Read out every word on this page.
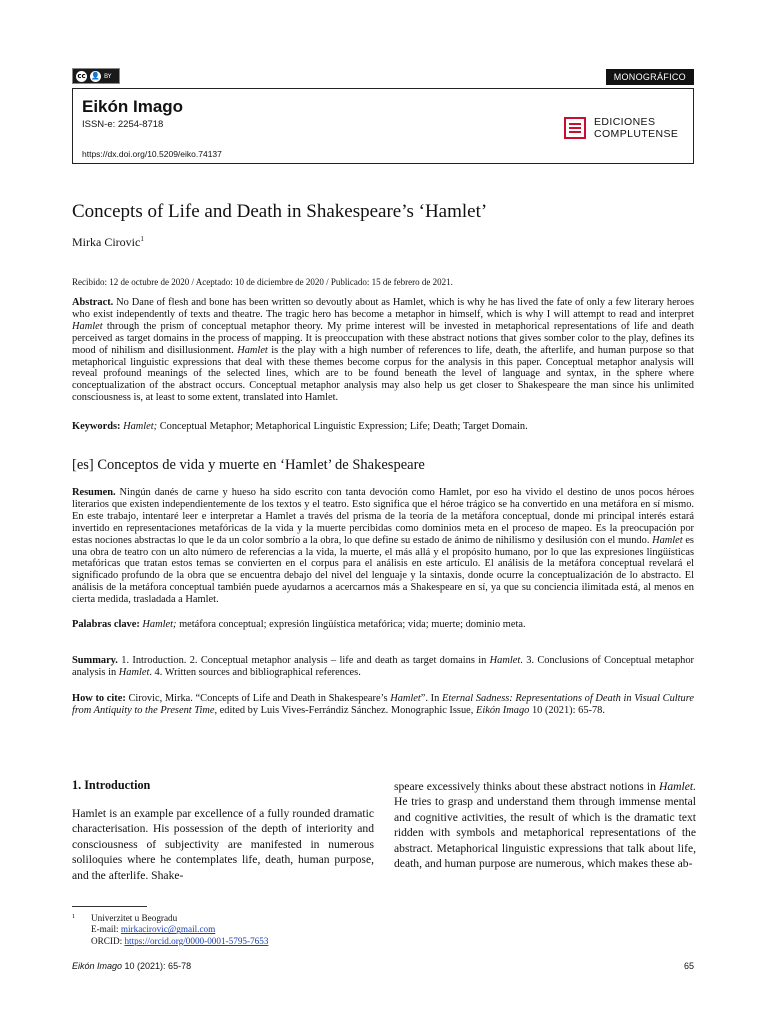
cc 👤 BY	MONOGRÁFICO
Eikón Imago
ISSN-e: 2254-8718
https://dx.doi.org/10.5209/eiko.74137
EDICIONES
COMPLUTENSE
Concepts of Life and Death in Shakespeare’s ‘Hamlet’
Mirka Cirovic$^1$
Recibido: 12 de octubre de 2020 / Aceptado: 10 de diciembre de 2020 / Publicado: 15 de febrero de 2021.
Abstract. No Dane of flesh and bone has been written so devoutly about as Hamlet, which is why he has lived the fate of only a few literary heroes who exist independently of texts and theatre. The tragic hero has become a metaphor in himself, which is why I will attempt to read and interpret Hamlet through the prism of conceptual metaphor theory. My prime interest will be invested in metaphorical representations of life and death perceived as target domains in the process of mapping. It is preoccupation with these abstract notions that gives somber color to the play, defines its mood of nihilism and disillusionment. Hamlet is the play with a high number of references to life, death, the afterlife, and human purpose so that metaphorical linguistic expressions that deal with these themes become corpus for the analysis in this paper. Conceptual metaphor analysis will reveal profound meanings of the selected lines, which are to be found beneath the level of language and syntax, in the sphere where conceptualization of the abstract occurs. Conceptual metaphor analysis may also help us get closer to Shakespeare the man since his unlimited consciousness is, at least to some extent, translated into Hamlet.
Keywords: Hamlet; Conceptual Metaphor; Metaphorical Linguistic Expression; Life; Death; Target Domain.
[es] Conceptos de vida y muerte en ‘Hamlet’ de Shakespeare
Resumen. Ningún danés de carne y hueso ha sido escrito con tanta devoción como Hamlet, por eso ha vivido el destino de unos pocos héroes literarios que existen independientemente de los textos y el teatro. Esto significa que el héroe trágico se ha convertido en una metáfora en sí mismo. En este trabajo, intentaré leer e interpretar a Hamlet a través del prisma de la teoría de la metáfora conceptual, donde mi principal interés estará invertido en representaciones metafóricas de la vida y la muerte percibidas como dominios meta en el proceso de mapeo. Es la preocupación por estas nociones abstractas lo que le da un color sombrío a la obra, lo que define su estado de ánimo de nihilismo y desilusión con el mundo. Hamlet es una obra de teatro con un alto número de referencias a la vida, la muerte, el más allá y el propósito humano, por lo que las expresiones lingüísticas metafóricas que tratan estos temas se convierten en el corpus para el análisis en este artículo. El análisis de la metáfora conceptual revelará el significado profundo de la obra que se encuentra debajo del nivel del lenguaje y la sintaxis, donde ocurre la conceptualización de lo abstracto. El análisis de la metáfora conceptual también puede ayudarnos a acercarnos más a Shakespeare en sí, ya que su conciencia ilimitada está, al menos en cierta medida, trasladada a Hamlet.
Palabras clave: Hamlet; metáfora conceptual; expresión lingüística metafórica; vida; muerte; dominio meta.
Summary. 1. Introduction. 2. Conceptual metaphor analysis – life and death as target domains in Hamlet. 3. Conclusions of Conceptual metaphor analysis in Hamlet. 4. Written sources and bibliographical references.
How to cite: Cirovic, Mirka. “Concepts of Life and Death in Shakespeare’s Hamlet”. In Eternal Sadness: Representations of Death in Visual Culture from Antiquity to the Present Time, edited by Luis Vives-Ferrándiz Sánchez. Monographic Issue, Eikón Imago 10 (2021): 65-78.
1. Introduction
Hamlet is an example par excellence of a fully rounded dramatic characterisation. His possession of the depth of interiority and consciousness of subjectivity are manifested in numerous soliloquies where he contemplates life, death, human purpose, and the afterlife. Shake-
speare excessively thinks about these abstract notions in Hamlet. He tries to grasp and understand them through immense mental and cognitive activities, the result of which is the dramatic text ridden with symbols and metaphorical representations of the abstract. Metaphorical linguistic expressions that talk about life, death, and human purpose are numerous, which makes these ab-
1 Univerzitet u Beogradu
E-mail: mirkacirovic@gmail.com
ORCID: https://orcid.org/0000-0001-5795-7653
Eikón Imago 10 (2021): 65-78	65
